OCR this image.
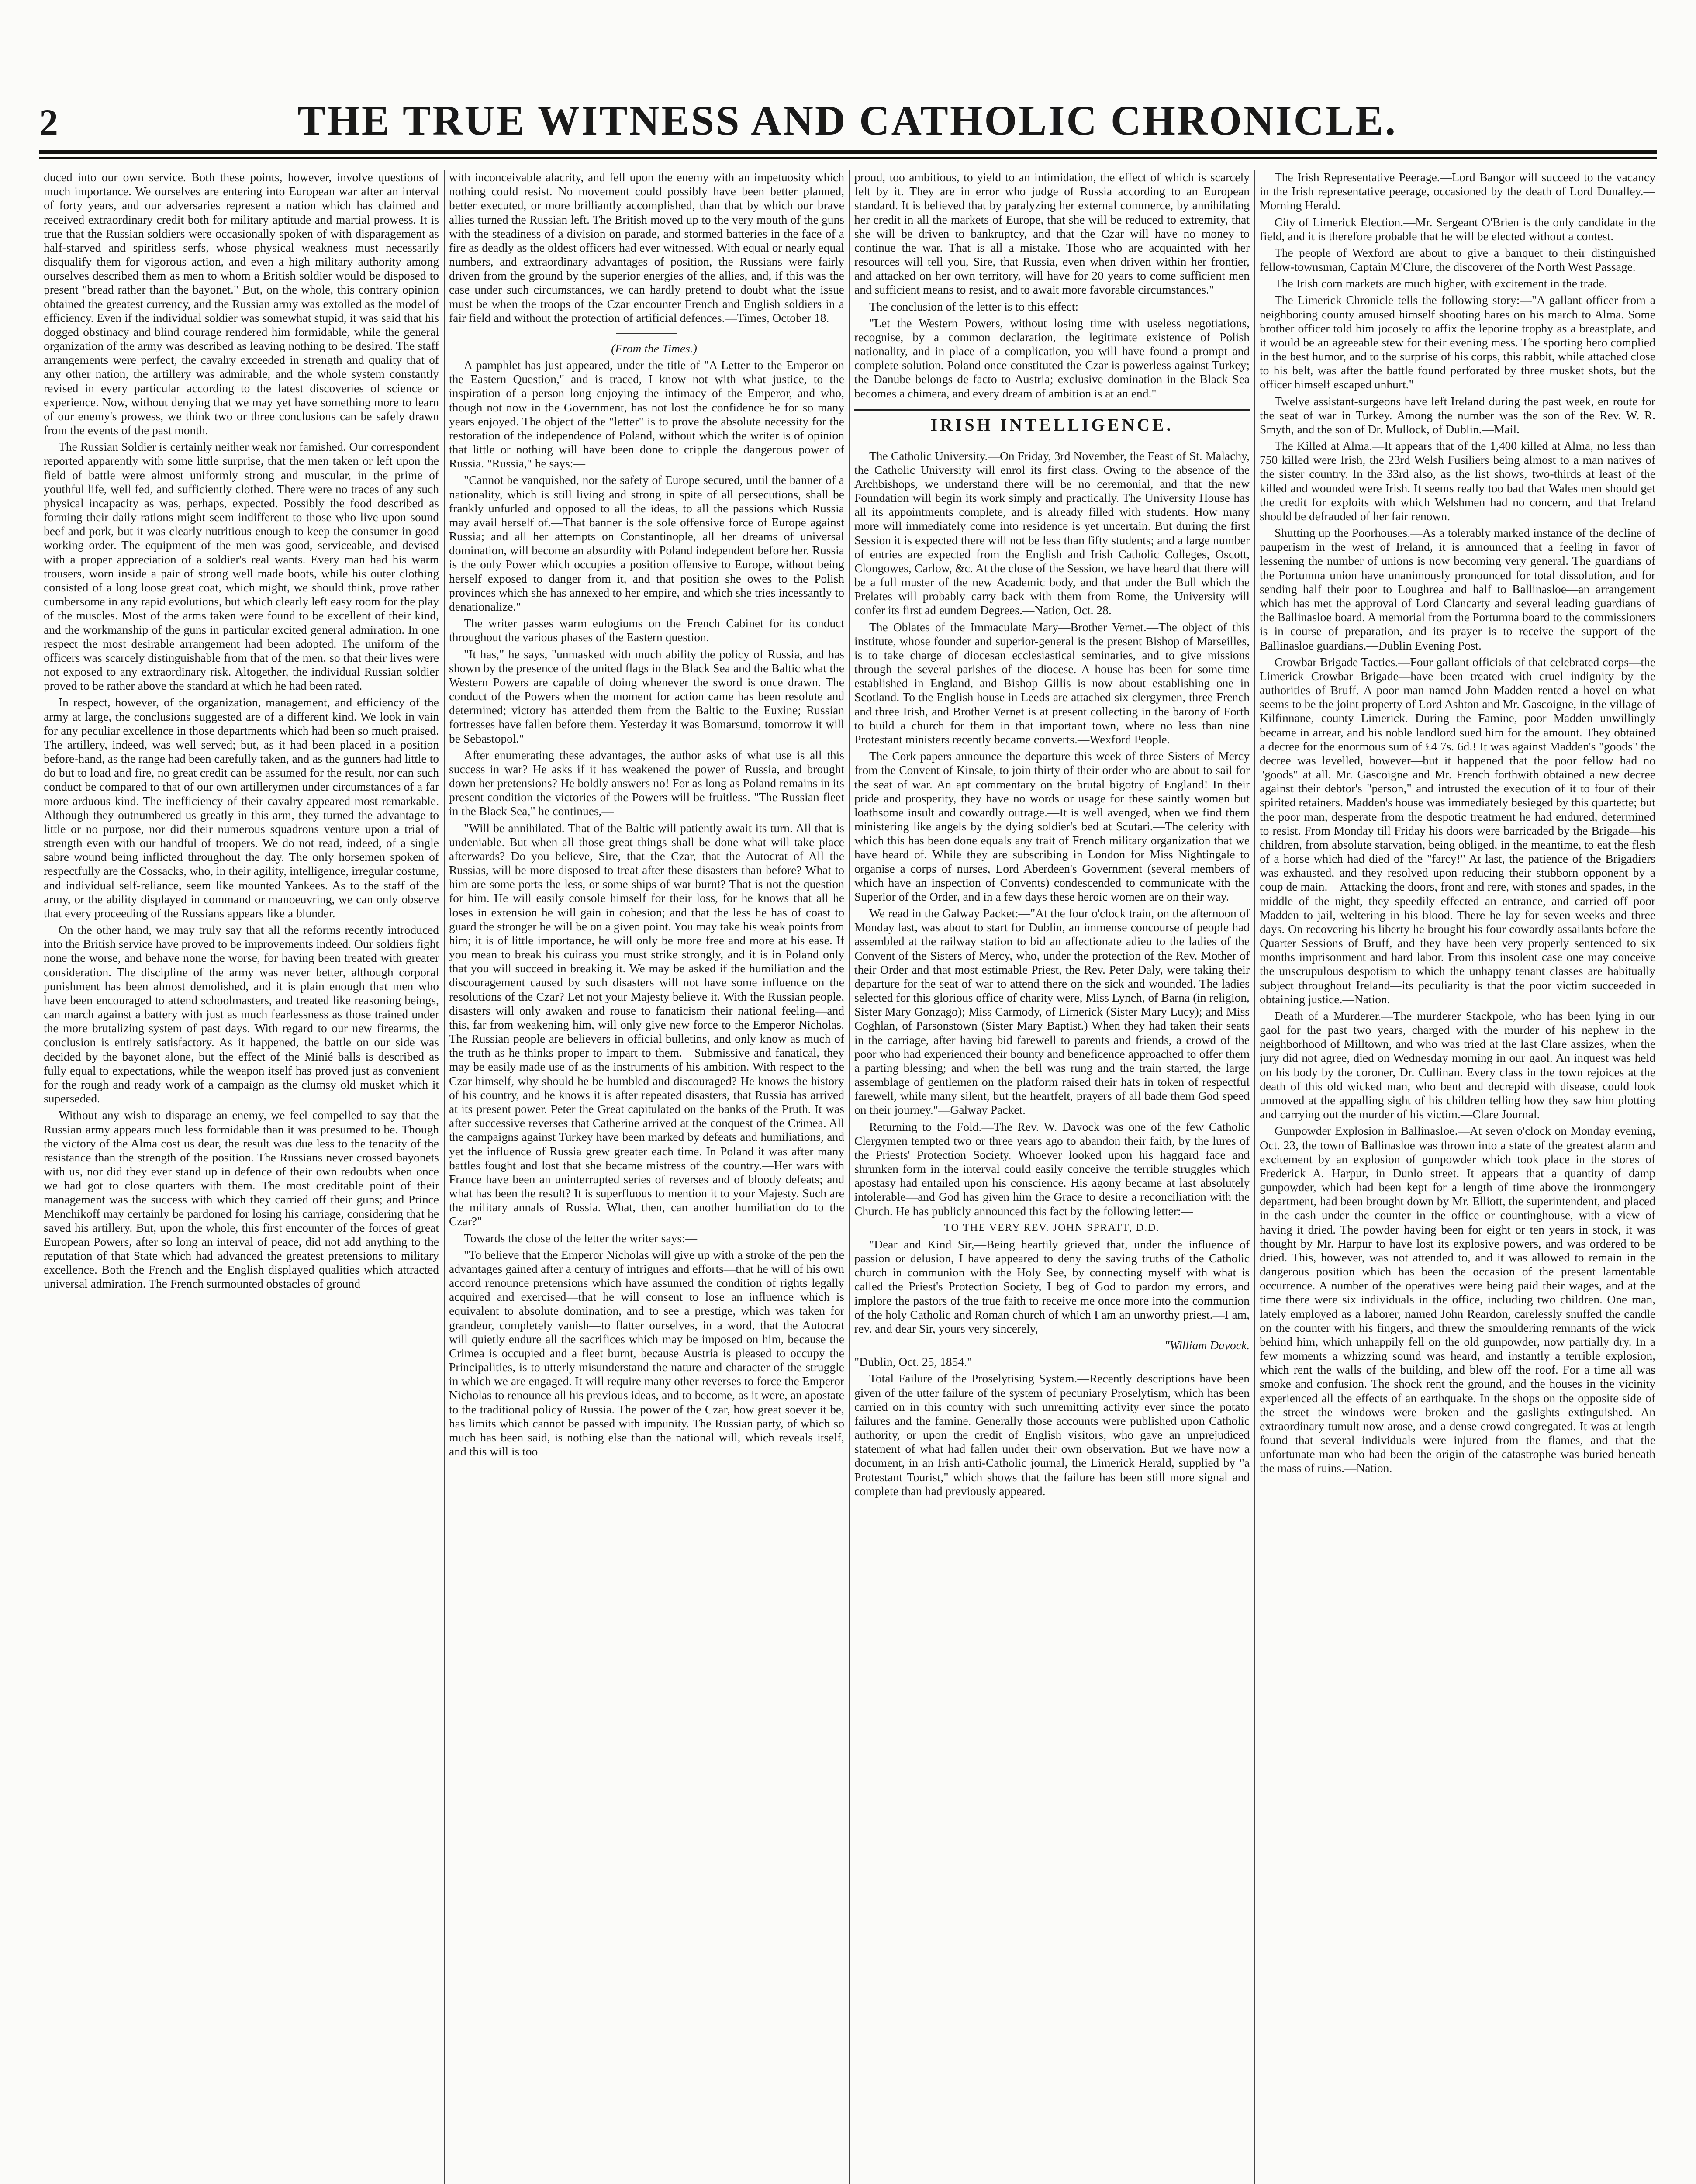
2	THE TRUE WITNESS AND CATHOLIC CHRONICLE.

duced into our own service. Both these points, however, involve questions of much importance. We ourselves are entering into European war after an interval of forty years, and our adversaries represent a nation which has claimed and received extraordinary credit both for military aptitude and martial prowess. It is true that the Russian soldiers were occasionally spoken of with disparagement as half-starved and spiritless serfs, whose physical weakness must necessarily disqualify them for vigorous action, and even a high military authority among ourselves described them as men to whom a British soldier would be disposed to present "bread rather than the bayonet." But, on the whole, this contrary opinion obtained the greatest currency, and the Russian army was extolled as the model of efficiency. Even if the individual soldier was somewhat stupid, it was said that his dogged obstinacy and blind courage rendered him formidable, while the general organization of the army was described as leaving nothing to be desired. The staff arrangements were perfect, the cavalry exceeded in strength and quality that of any other nation, the artillery was admirable, and the whole system constantly revised in every particular according to the latest discoveries of science or experience. Now, without denying that we may yet have something more to learn of our enemy's prowess, we think two or three conclusions can be safely drawn from the events of the past month.

The Russian Soldier is certainly neither weak nor famished. Our correspondent reported apparently with some little surprise, that the men taken or left upon the field of battle were almost uniformly strong and muscular, in the prime of youthful life, well fed, and sufficiently clothed. There were no traces of any such physical incapacity as was, perhaps, expected. Possibly the food described as forming their daily rations might seem indifferent to those who live upon sound beef and pork, but it was clearly nutritious enough to keep the consumer in good working order. The equipment of the men was good, serviceable, and devised with a proper appreciation of a soldier's real wants. Every man had his warm trousers, worn inside a pair of strong well made boots, while his outer clothing consisted of a long loose great coat, which might, we should think, prove rather cumbersome in any rapid evolutions, but which clearly left easy room for the play of the muscles. Most of the arms taken were found to be excellent of their kind, and the workmanship of the guns in particular excited general admiration. In one respect the most desirable arrangement had been adopted. The uniform of the officers was scarcely distinguishable from that of the men, so that their lives were not exposed to any extraordinary risk. Altogether, the individual Russian soldier proved to be rather above the standard at which he had been rated.

In respect, however, of the organization, management, and efficiency of the army at large, the conclusions suggested are of a different kind. We look in vain for any peculiar excellence in those departments which had been so much praised. The artillery, indeed, was well served; but, as it had been placed in a position before-hand, as the range had been carefully taken, and as the gunners had little to do but to load and fire, no great credit can be assumed for the result, nor can such conduct be compared to that of our own artillerymen under circumstances of a far more arduous kind. The inefficiency of their cavalry appeared most remarkable. Although they outnumbered us greatly in this arm, they turned the advantage to little or no purpose, nor did their numerous squadrons venture upon a trial of strength even with our handful of troopers. We do not read, indeed, of a single sabre wound being inflicted throughout the day. The only horsemen spoken of respectfully are the Cossacks, who, in their agility, intelligence, irregular costume, and individual self-reliance, seem like mounted Yankees. As to the staff of the army, or the ability displayed in command or manoeuvring, we can only observe that every proceeding of the Russians appears like a blunder.

On the other hand, we may truly say that all the reforms recently introduced into the British service have proved to be improvements indeed. Our soldiers fight none the worse, and behave none the worse, for having been treated with greater consideration. The discipline of the army was never better, although corporal punishment has been almost demolished, and it is plain enough that men who have been encouraged to attend schoolmasters, and treated like reasoning beings, can march against a battery with just as much fearlessness as those trained under the more brutalizing system of past days. With regard to our new firearms, the conclusion is entirely satisfactory. As it happened, the battle on our side was decided by the bayonet alone, but the effect of the Minié balls is described as fully equal to expectations, while the weapon itself has proved just as convenient for the rough and ready work of a campaign as the clumsy old musket which it superseded.

Without any wish to disparage an enemy, we feel compelled to say that the Russian army appears much less formidable than it was presumed to be. Though the victory of the Alma cost us dear, the result was due less to the tenacity of the resistance than the strength of the position. The Russians never crossed bayonets with us, nor did they ever stand up in defence of their own redoubts when once we had got to close quarters with them. The most creditable point of their management was the success with which they carried off their guns; and Prince Menchikoff may certainly be pardoned for losing his carriage, considering that he saved his artillery. But, upon the whole, this first encounter of the forces of great European Powers, after so long an interval of peace, did not add anything to the reputation of that State which had advanced the greatest pretensions to military excellence. Both the French and the English displayed qualities which attracted universal admiration. The French surmounted obstacles of ground

with inconceivable alacrity, and fell upon the enemy with an impetuosity which nothing could resist. No movement could possibly have been better planned, better executed, or more brilliantly accomplished, than that by which our brave allies turned the Russian left. The British moved up to the very mouth of the guns with the steadiness of a division on parade, and stormed batteries in the face of a fire as deadly as the oldest officers had ever witnessed. With equal or nearly equal numbers, and extraordinary advantages of position, the Russians were fairly driven from the ground by the superior energies of the allies, and, if this was the case under such circumstances, we can hardly pretend to doubt what the issue must be when the troops of the Czar encounter French and English soldiers in a fair field and without the protection of artificial defences.—Times, October 18.

(From the Times.)

A pamphlet has just appeared, under the title of "A Letter to the Emperor on the Eastern Question," and is traced, I know not with what justice, to the inspiration of a person long enjoying the intimacy of the Emperor, and who, though not now in the Government, has not lost the confidence he for so many years enjoyed. The object of the "letter" is to prove the absolute necessity for the restoration of the independence of Poland, without which the writer is of opinion that little or nothing will have been done to cripple the dangerous power of Russia. "Russia," he says:—

"Cannot be vanquished, nor the safety of Europe secured, until the banner of a nationality, which is still living and strong in spite of all persecutions, shall be frankly unfurled and opposed to all the ideas, to all the passions which Russia may avail herself of.—That banner is the sole offensive force of Europe against Russia; and all her attempts on Constantinople, all her dreams of universal domination, will become an absurdity with Poland independent before her. Russia is the only Power which occupies a position offensive to Europe, without being herself exposed to danger from it, and that position she owes to the Polish provinces which she has annexed to her empire, and which she tries incessantly to denationalize."

The writer passes warm eulogiums on the French Cabinet for its conduct throughout the various phases of the Eastern question.

"It has," he says, "unmasked with much ability the policy of Russia, and has shown by the presence of the united flags in the Black Sea and the Baltic what the Western Powers are capable of doing whenever the sword is once drawn. The conduct of the Powers when the moment for action came has been resolute and determined; victory has attended them from the Baltic to the Euxine; Russian fortresses have fallen before them. Yesterday it was Bomarsund, tomorrow it will be Sebastopol."

After enumerating these advantages, the author asks of what use is all this success in war? He asks if it has weakened the power of Russia, and brought down her pretensions? He boldly answers no! For as long as Poland remains in its present condition the victories of the Powers will be fruitless. "The Russian fleet in the Black Sea," he continues,—

"Will be annihilated. That of the Baltic will patiently await its turn. All that is undeniable. But when all those great things shall be done what will take place afterwards? Do you believe, Sire, that the Czar, that the Autocrat of All the Russias, will be more disposed to treat after these disasters than before? What to him are some ports the less, or some ships of war burnt? That is not the question for him. He will easily console himself for their loss, for he knows that all he loses in extension he will gain in cohesion; and that the less he has of coast to guard the stronger he will be on a given point. You may take his weak points from him; it is of little importance, he will only be more free and more at his ease. If you mean to break his cuirass you must strike strongly, and it is in Poland only that you will succeed in breaking it. We may be asked if the humiliation and the discouragement caused by such disasters will not have some influence on the resolutions of the Czar? Let not your Majesty believe it. With the Russian people, disasters will only awaken and rouse to fanaticism their national feeling—and this, far from weakening him, will only give new force to the Emperor Nicholas. The Russian people are believers in official bulletins, and only know as much of the truth as he thinks proper to impart to them.—Submissive and fanatical, they may be easily made use of as the instruments of his ambition. With respect to the Czar himself, why should he be humbled and discouraged? He knows the history of his country, and he knows it is after repeated disasters, that Russia has arrived at its present power. Peter the Great capitulated on the banks of the Pruth. It was after successive reverses that Catherine arrived at the conquest of the Crimea. All the campaigns against Turkey have been marked by defeats and humiliations, and yet the influence of Russia grew greater each time. In Poland it was after many battles fought and lost that she became mistress of the country.—Her wars with France have been an uninterrupted series of reverses and of bloody defeats; and what has been the result? It is superfluous to mention it to your Majesty. Such are the military annals of Russia. What, then, can another humiliation do to the Czar?"

Towards the close of the letter the writer says:—

"To believe that the Emperor Nicholas will give up with a stroke of the pen the advantages gained after a century of intrigues and efforts—that he will of his own accord renounce pretensions which have assumed the condition of rights legally acquired and exercised—that he will consent to lose an influence which is equivalent to absolute domination, and to see a prestige, which was taken for grandeur, completely vanish—to flatter ourselves, in a word, that the Autocrat will quietly endure all the sacrifices which may be imposed on him, because the Crimea is occupied and a fleet burnt, because Austria is pleased to occupy the Principalities, is to utterly misunderstand the nature and character of the struggle in which we are engaged. It will require many other reverses to force the Emperor Nicholas to renounce all his previous ideas, and to become, as it were, an apostate to the traditional policy of Russia. The power of the Czar, how great soever it be, has limits which cannot be passed with impunity. The Russian party, of which so much has been said, is nothing else than the national will, which reveals itself, and this will is too

proud, too ambitious, to yield to an intimidation, the effect of which is scarcely felt by it. They are in error who judge of Russia according to an European standard. It is believed that by paralyzing her external commerce, by annihilating her credit in all the markets of Europe, that she will be reduced to extremity, that she will be driven to bankruptcy, and that the Czar will have no money to continue the war. That is all a mistake. Those who are acquainted with her resources will tell you, Sire, that Russia, even when driven within her frontier, and attacked on her own territory, will have for 20 years to come sufficient men and sufficient means to resist, and to await more favorable circumstances."

The conclusion of the letter is to this effect:—

"Let the Western Powers, without losing time with useless negotiations, recognise, by a common declaration, the legitimate existence of Polish nationality, and in place of a complication, you will have found a prompt and complete solution. Poland once constituted the Czar is powerless against Turkey; the Danube belongs de facto to Austria; exclusive domination in the Black Sea becomes a chimera, and every dream of ambition is at an end."

IRISH INTELLIGENCE.

The Catholic University.—On Friday, 3rd November, the Feast of St. Malachy, the Catholic University will enrol its first class. Owing to the absence of the Archbishops, we understand there will be no ceremonial, and that the new Foundation will begin its work simply and practically. The University House has all its appointments complete, and is already filled with students. How many more will immediately come into residence is yet uncertain. But during the first Session it is expected there will not be less than fifty students; and a large number of entries are expected from the English and Irish Catholic Colleges, Oscott, Clongowes, Carlow, &c. At the close of the Session, we have heard that there will be a full muster of the new Academic body, and that under the Bull which the Prelates will probably carry back with them from Rome, the University will confer its first ad eundem Degrees.—Nation, Oct. 28.

The Oblates of the Immaculate Mary—Brother Vernet.—The object of this institute, whose founder and superior-general is the present Bishop of Marseilles, is to take charge of diocesan ecclesiastical seminaries, and to give missions through the several parishes of the diocese. A house has been for some time established in England, and Bishop Gillis is now about establishing one in Scotland. To the English house in Leeds are attached six clergymen, three French and three Irish, and Brother Vernet is at present collecting in the barony of Forth to build a church for them in that important town, where no less than nine Protestant ministers recently became converts.—Wexford People.

The Cork papers announce the departure this week of three Sisters of Mercy from the Convent of Kinsale, to join thirty of their order who are about to sail for the seat of war. An apt commentary on the brutal bigotry of England! In their pride and prosperity, they have no words or usage for these saintly women but loathsome insult and cowardly outrage.—It is well avenged, when we find them ministering like angels by the dying soldier's bed at Scutari.—The celerity with which this has been done equals any trait of French military organization that we have heard of. While they are subscribing in London for Miss Nightingale to organise a corps of nurses, Lord Aberdeen's Government (several members of which have an inspection of Convents) condescended to communicate with the Superior of the Order, and in a few days these heroic women are on their way.

We read in the Galway Packet:—"At the four o'clock train, on the afternoon of Monday last, was about to start for Dublin, an immense concourse of people had assembled at the railway station to bid an affectionate adieu to the ladies of the Convent of the Sisters of Mercy, who, under the protection of the Rev. Mother of their Order and that most estimable Priest, the Rev. Peter Daly, were taking their departure for the seat of war to attend there on the sick and wounded. The ladies selected for this glorious office of charity were, Miss Lynch, of Barna (in religion, Sister Mary Gonzago); Miss Carmody, of Limerick (Sister Mary Lucy); and Miss Coghlan, of Parsonstown (Sister Mary Baptist.) When they had taken their seats in the carriage, after having bid farewell to parents and friends, a crowd of the poor who had experienced their bounty and beneficence approached to offer them a parting blessing; and when the bell was rung and the train started, the large assemblage of gentlemen on the platform raised their hats in token of respectful farewell, while many silent, but the heartfelt, prayers of all bade them God speed on their journey."—Galway Packet.

Returning to the Fold.—The Rev. W. Davock was one of the few Catholic Clergymen tempted two or three years ago to abandon their faith, by the lures of the Priests' Protection Society. Whoever looked upon his haggard face and shrunken form in the interval could easily conceive the terrible struggles which apostasy had entailed upon his conscience. His agony became at last absolutely intolerable—and God has given him the Grace to desire a reconciliation with the Church. He has publicly announced this fact by the following letter:—

TO THE VERY REV. JOHN SPRATT, D.D.

"Dear and Kind Sir,—Being heartily grieved that, under the influence of passion or delusion, I have appeared to deny the saving truths of the Catholic church in communion with the Holy See, by connecting myself with what is called the Priest's Protection Society, I beg of God to pardon my errors, and implore the pastors of the true faith to receive me once more into the communion of the holy Catholic and Roman church of which I am an unworthy priest.—I am, rev. and dear Sir, yours very sincerely,

"William Davock.

"Dublin, Oct. 25, 1854."

Total Failure of the Proselytising System.—Recently descriptions have been given of the utter failure of the system of pecuniary Proselytism, which has been carried on in this country with such unremitting activity ever since the potato failures and the famine. Generally those accounts were published upon Catholic authority, or upon the credit of English visitors, who gave an unprejudiced statement of what had fallen under their own observation. But we have now a document, in an Irish anti-Catholic journal, the Limerick Herald, supplied by "a Protestant Tourist," which shows that the failure has been still more signal and complete than had previously appeared.

The Irish Representative Peerage.—Lord Bangor will succeed to the vacancy in the Irish representative peerage, occasioned by the death of Lord Dunalley.—Morning Herald.

City of Limerick Election.—Mr. Sergeant O'Brien is the only candidate in the field, and it is therefore probable that he will be elected without a contest.

The people of Wexford are about to give a banquet to their distinguished fellow-townsman, Captain M'Clure, the discoverer of the North West Passage.

The Irish corn markets are much higher, with excitement in the trade.

The Limerick Chronicle tells the following story:—"A gallant officer from a neighboring county amused himself shooting hares on his march to Alma. Some brother officer told him jocosely to affix the leporine trophy as a breastplate, and it would be an agreeable stew for their evening mess. The sporting hero complied in the best humor, and to the surprise of his corps, this rabbit, while attached close to his belt, was after the battle found perforated by three musket shots, but the officer himself escaped unhurt."

Twelve assistant-surgeons have left Ireland during the past week, en route for the seat of war in Turkey. Among the number was the son of the Rev. W. R. Smyth, and the son of Dr. Mullock, of Dublin.—Mail.

The Killed at Alma.—It appears that of the 1,400 killed at Alma, no less than 750 killed were Irish, the 23rd Welsh Fusiliers being almost to a man natives of the sister country. In the 33rd also, as the list shows, two-thirds at least of the killed and wounded were Irish. It seems really too bad that Wales men should get the credit for exploits with which Welshmen had no concern, and that Ireland should be defrauded of her fair renown.

Shutting up the Poorhouses.—As a tolerably marked instance of the decline of pauperism in the west of Ireland, it is announced that a feeling in favor of lessening the number of unions is now becoming very general. The guardians of the Portumna union have unanimously pronounced for total dissolution, and for sending half their poor to Loughrea and half to Ballinasloe—an arrangement which has met the approval of Lord Clancarty and several leading guardians of the Ballinasloe board. A memorial from the Portumna board to the commissioners is in course of preparation, and its prayer is to receive the support of the Ballinasloe guardians.—Dublin Evening Post.

Crowbar Brigade Tactics.—Four gallant officials of that celebrated corps—the Limerick Crowbar Brigade—have been treated with cruel indignity by the authorities of Bruff. A poor man named John Madden rented a hovel on what seems to be the joint property of Lord Ashton and Mr. Gascoigne, in the village of Kilfinnane, county Limerick. During the Famine, poor Madden unwillingly became in arrear, and his noble landlord sued him for the amount. They obtained a decree for the enormous sum of £4 7s. 6d.! It was against Madden's "goods" the decree was levelled, however—but it happened that the poor fellow had no "goods" at all. Mr. Gascoigne and Mr. French forthwith obtained a new decree against their debtor's "person," and intrusted the execution of it to four of their spirited retainers. Madden's house was immediately besieged by this quartette; but the poor man, desperate from the despotic treatment he had endured, determined to resist. From Monday till Friday his doors were barricaded by the Brigade—his children, from absolute starvation, being obliged, in the meantime, to eat the flesh of a horse which had died of the "farcy!" At last, the patience of the Brigadiers was exhausted, and they resolved upon reducing their stubborn opponent by a coup de main.—Attacking the doors, front and rere, with stones and spades, in the middle of the night, they speedily effected an entrance, and carried off poor Madden to jail, weltering in his blood. There he lay for seven weeks and three days. On recovering his liberty he brought his four cowardly assailants before the Quarter Sessions of Bruff, and they have been very properly sentenced to six months imprisonment and hard labor. From this insolent case one may conceive the unscrupulous despotism to which the unhappy tenant classes are habitually subject throughout Ireland—its peculiarity is that the poor victim succeeded in obtaining justice.—Nation.

Death of a Murderer.—The murderer Stackpole, who has been lying in our gaol for the past two years, charged with the murder of his nephew in the neighborhood of Milltown, and who was tried at the last Clare assizes, when the jury did not agree, died on Wednesday morning in our gaol. An inquest was held on his body by the coroner, Dr. Cullinan. Every class in the town rejoices at the death of this old wicked man, who bent and decrepid with disease, could look unmoved at the appalling sight of his children telling how they saw him plotting and carrying out the murder of his victim.—Clare Journal.

Gunpowder Explosion in Ballinasloe.—At seven o'clock on Monday evening, Oct. 23, the town of Ballinasloe was thrown into a state of the greatest alarm and excitement by an explosion of gunpowder which took place in the stores of Frederick A. Harpur, in Dunlo street. It appears that a quantity of damp gunpowder, which had been kept for a length of time above the ironmongery department, had been brought down by Mr. Elliott, the superintendent, and placed in the cash under the counter in the office or countinghouse, with a view of having it dried. The powder having been for eight or ten years in stock, it was thought by Mr. Harpur to have lost its explosive powers, and was ordered to be dried. This, however, was not attended to, and it was allowed to remain in the dangerous position which has been the occasion of the present lamentable occurrence. A number of the operatives were being paid their wages, and at the time there were six individuals in the office, including two children. One man, lately employed as a laborer, named John Reardon, carelessly snuffed the candle on the counter with his fingers, and threw the smouldering remnants of the wick behind him, which unhappily fell on the old gunpowder, now partially dry. In a few moments a whizzing sound was heard, and instantly a terrible explosion, which rent the walls of the building, and blew off the roof. For a time all was smoke and confusion. The shock rent the ground, and the houses in the vicinity experienced all the effects of an earthquake. In the shops on the opposite side of the street the windows were broken and the gaslights extinguished. An extraordinary tumult now arose, and a dense crowd congregated. It was at length found that several individuals were injured from the flames, and that the unfortunate man who had been the origin of the catastrophe was buried beneath the mass of ruins.—Nation.
